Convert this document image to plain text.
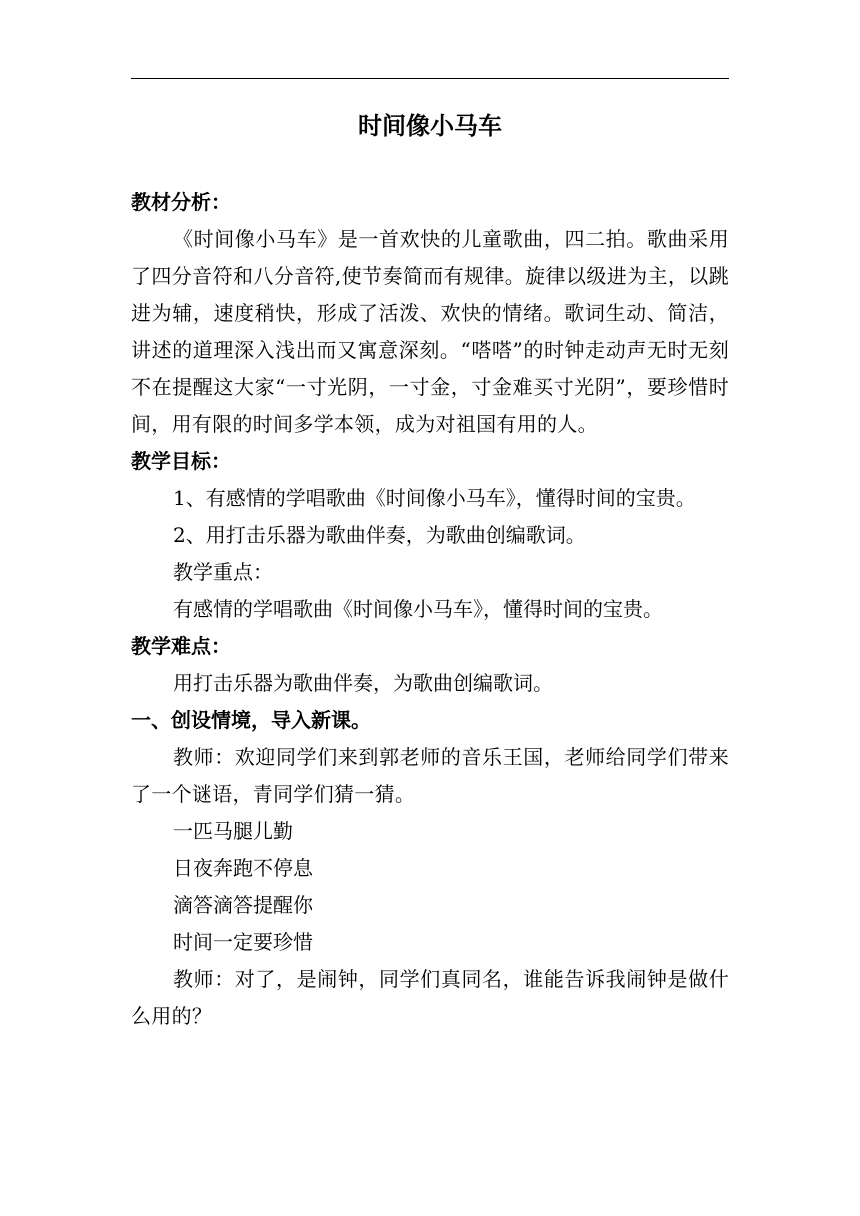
时间像小马车
教材分析：

《时间像小马车》是一首欢快的儿童歌曲，四二拍。歌曲采用了四分音符和八分音符,使节奏简而有规律。旋律以级进为主，以跳进为辅，速度稍快，形成了活泼、欢快的情绪。歌词生动、简洁，讲述的道理深入浅出而又寓意深刻。“嗒嗒”的时钟走动声无时无刻不在提醒这大家“一寸光阴，一寸金，寸金难买寸光阴”，要珍惜时间，用有限的时间多学本领，成为对祖国有用的人。

教学目标：

1、有感情的学唱歌曲《时间像小马车》，懂得时间的宝贵。

2、用打击乐器为歌曲伴奏，为歌曲创编歌词。

教学重点：

有感情的学唱歌曲《时间像小马车》，懂得时间的宝贵。

教学难点：

用打击乐器为歌曲伴奏，为歌曲创编歌词。

一、创设情境，导入新课。

教师：欢迎同学们来到郭老师的音乐王国，老师给同学们带来了一个谜语，青同学们猜一猜。

一匹马腿儿勤

日夜奔跑不停息

滴答滴答提醒你

时间一定要珍惜

教师：对了，是闹钟，同学们真同名，谁能告诉我闹钟是做什么用的？
